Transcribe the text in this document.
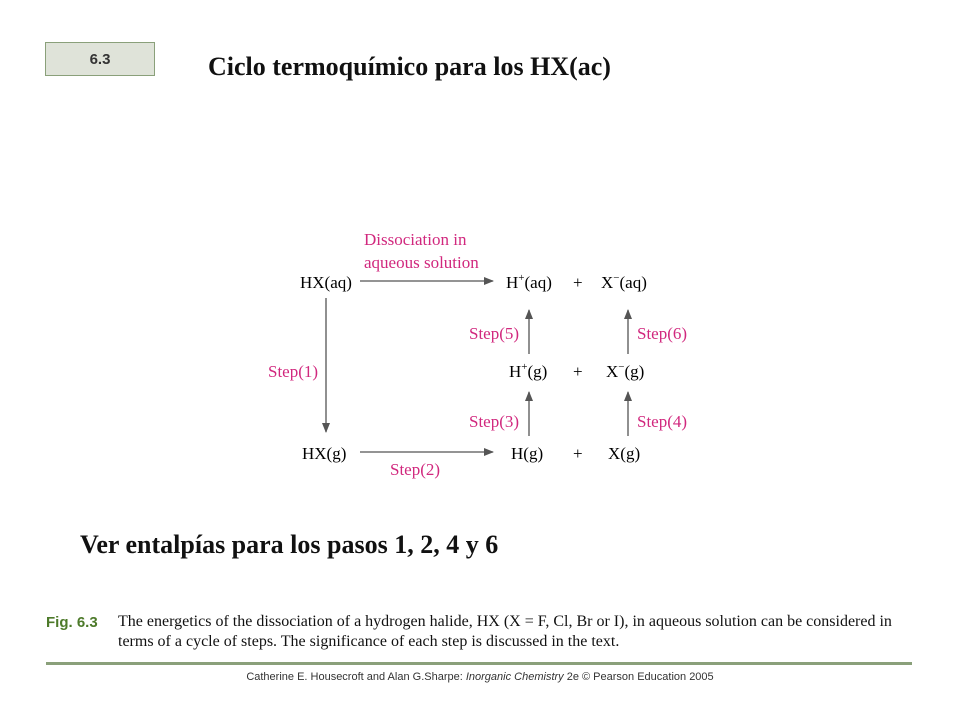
6.3	Ciclo termoquímico para los HX(ac)
HX(aq)	H+(aq) + X−(aq)
H+(g) + X−(g)
HX(g)	H(g) + X(g)
Dissociation in
aqueous solution
Step(1)
Step(2)
Step(3)	Step(4)
Step(5)	Step(6)
Ver entalpías para los pasos 1, 2, 4 y 6
Fig. 6.3 The energetics of the dissociation of a hydrogen halide, HX (X = F, Cl, Br or I), in aqueous solution can be considered in terms of a cycle of steps. The significance of each step is discussed in the text.
Catherine E. Housecroft and Alan G.Sharpe: Inorganic Chemistry 2e © Pearson Education 2005
